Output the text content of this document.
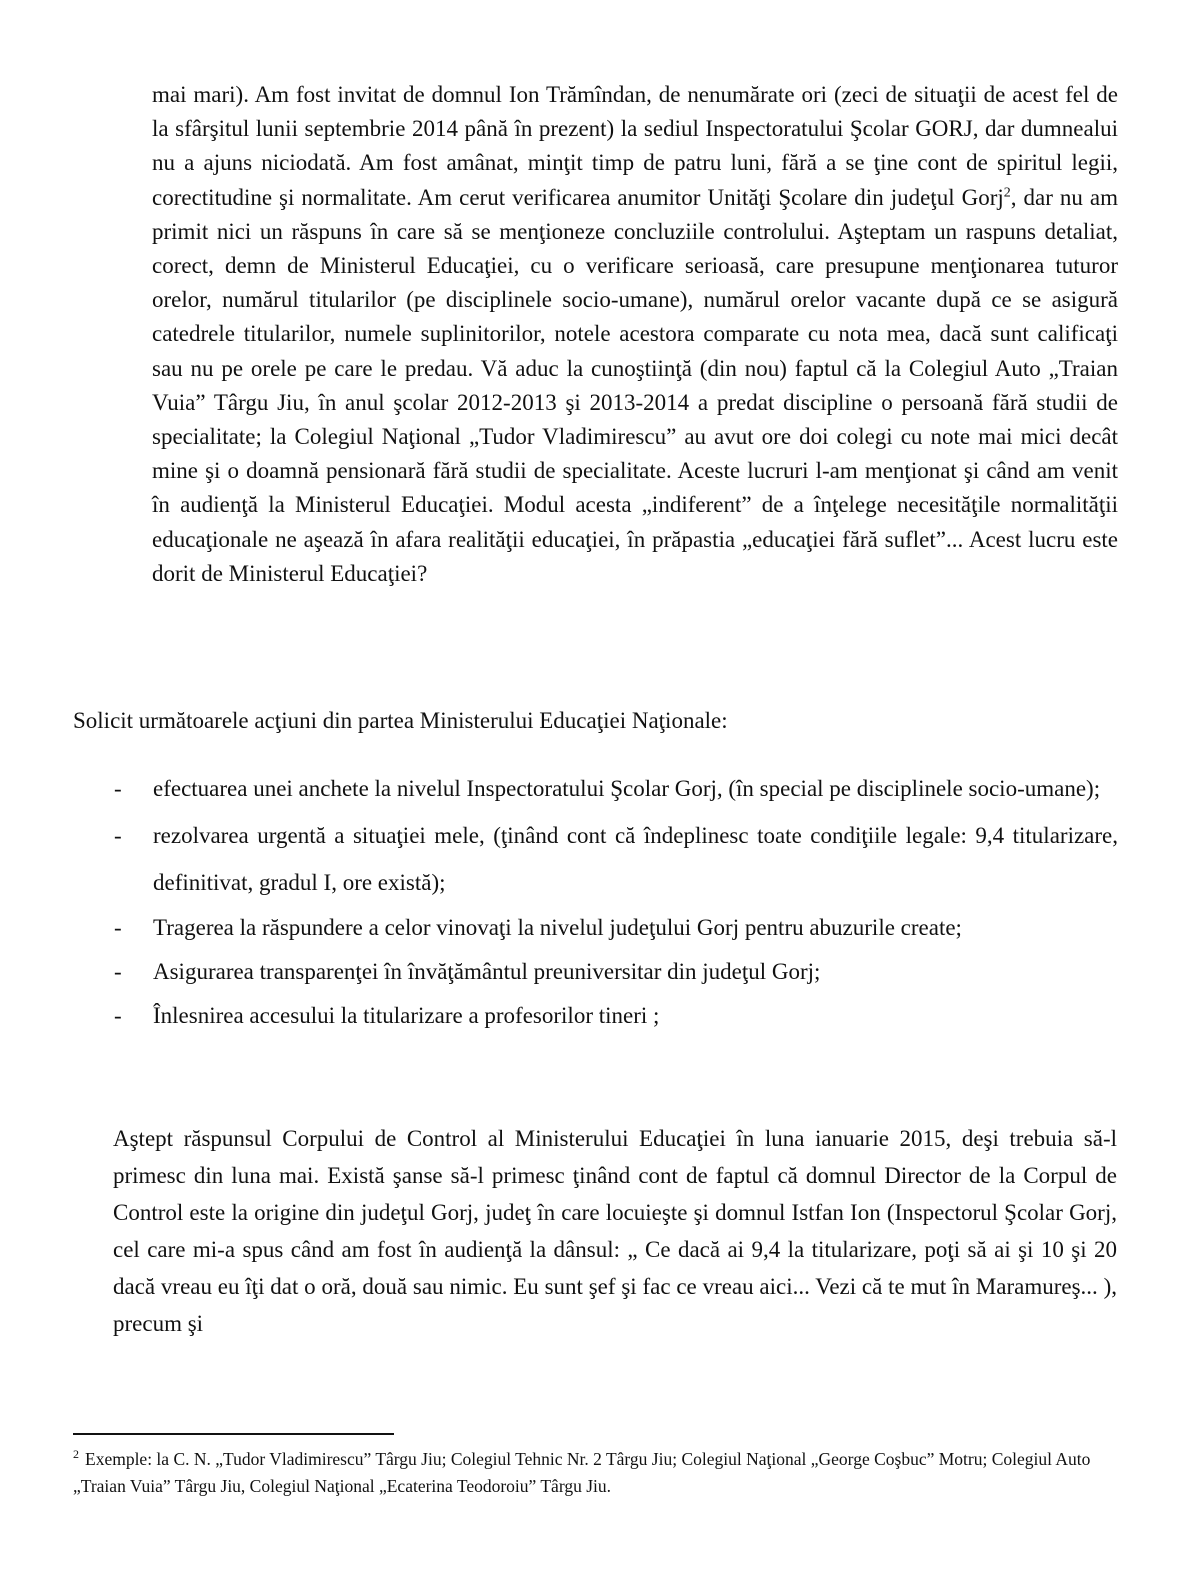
mai mari). Am fost invitat de domnul Ion Trămîndan, de nenumărate ori (zeci de situaţii de acest fel de la sfârşitul lunii septembrie 2014 până în prezent) la sediul Inspectoratului Şcolar GORJ, dar dumnealui nu a ajuns niciodată. Am fost amânat, minţit timp de patru luni, fără a se ţine cont de spiritul legii, corectitudine şi normalitate. Am cerut verificarea anumitor Unităţi Şcolare din judeţul Gorj$^2$, dar nu am primit nici un răspuns în care să se menţioneze concluziile controlului. Aşteptam un raspuns detaliat, corect, demn de Ministerul Educaţiei, cu o verificare serioasă, care presupune menţionarea tuturor orelor, numărul titularilor (pe disciplinele socio-umane), numărul orelor vacante după ce se asigură catedrele titularilor, numele suplinitorilor, notele acestora comparate cu nota mea, dacă sunt calificaţi sau nu pe orele pe care le predau. Vă aduc la cunoştiinţă (din nou) faptul că la Colegiul Auto „Traian Vuia” Târgu Jiu, în anul şcolar 2012-2013 şi 2013-2014 a predat discipline o persoană fără studii de specialitate; la Colegiul Naţional „Tudor Vladimirescu” au avut ore doi colegi cu note mai mici decât mine şi o doamnă pensionară fără studii de specialitate. Aceste lucruri l-am menţionat şi când am venit în audienţă la Ministerul Educaţiei. Modul acesta „indiferent” de a înţelege necesităţile normalităţii educaţionale ne aşează în afara realităţii educaţiei, în prăpastia „educaţiei fără suflet”... Acest lucru este dorit de Ministerul Educaţiei?

Solicit următoarele acţiuni din partea Ministerului Educaţiei Naţionale:

- efectuarea unei anchete la nivelul Inspectoratului Şcolar Gorj, (în special pe disciplinele socio-umane);
- rezolvarea urgentă a situaţiei mele, (ţinând cont că îndeplinesc toate condiţiile legale: 9,4 titularizare, definitivat, gradul I, ore există);
- Tragerea la răspundere a celor vinovaţi la nivelul judeţului Gorj pentru abuzurile create;
- Asigurarea transparenţei în învăţământul preuniversitar din judeţul Gorj;
- Înlesnirea accesului la titularizare a profesorilor tineri ;

Aştept răspunsul Corpului de Control al Ministerului Educaţiei în luna ianuarie 2015, deşi trebuia să-l primesc din luna mai. Există şanse să-l primesc ţinând cont de faptul că domnul Director de la Corpul de Control este la origine din judeţul Gorj, judeţ în care locuieşte şi domnul Istfan Ion (Inspectorul Şcolar Gorj, cel care mi-a spus când am fost în audienţă la dânsul: „ Ce dacă ai 9,4 la titularizare, poţi să ai şi 10 şi 20 dacă vreau eu îţi dat o oră, două sau nimic. Eu sunt şef şi fac ce vreau aici... Vezi că te mut în Maramureş... ), precum şi

$^2$ Exemple: la C. N. „Tudor Vladimirescu” Târgu Jiu; Colegiul Tehnic Nr. 2 Târgu Jiu; Colegiul Naţional „George Coşbuc” Motru; Colegiul Auto „Traian Vuia” Târgu Jiu, Colegiul Naţional „Ecaterina Teodoroiu” Târgu Jiu.
